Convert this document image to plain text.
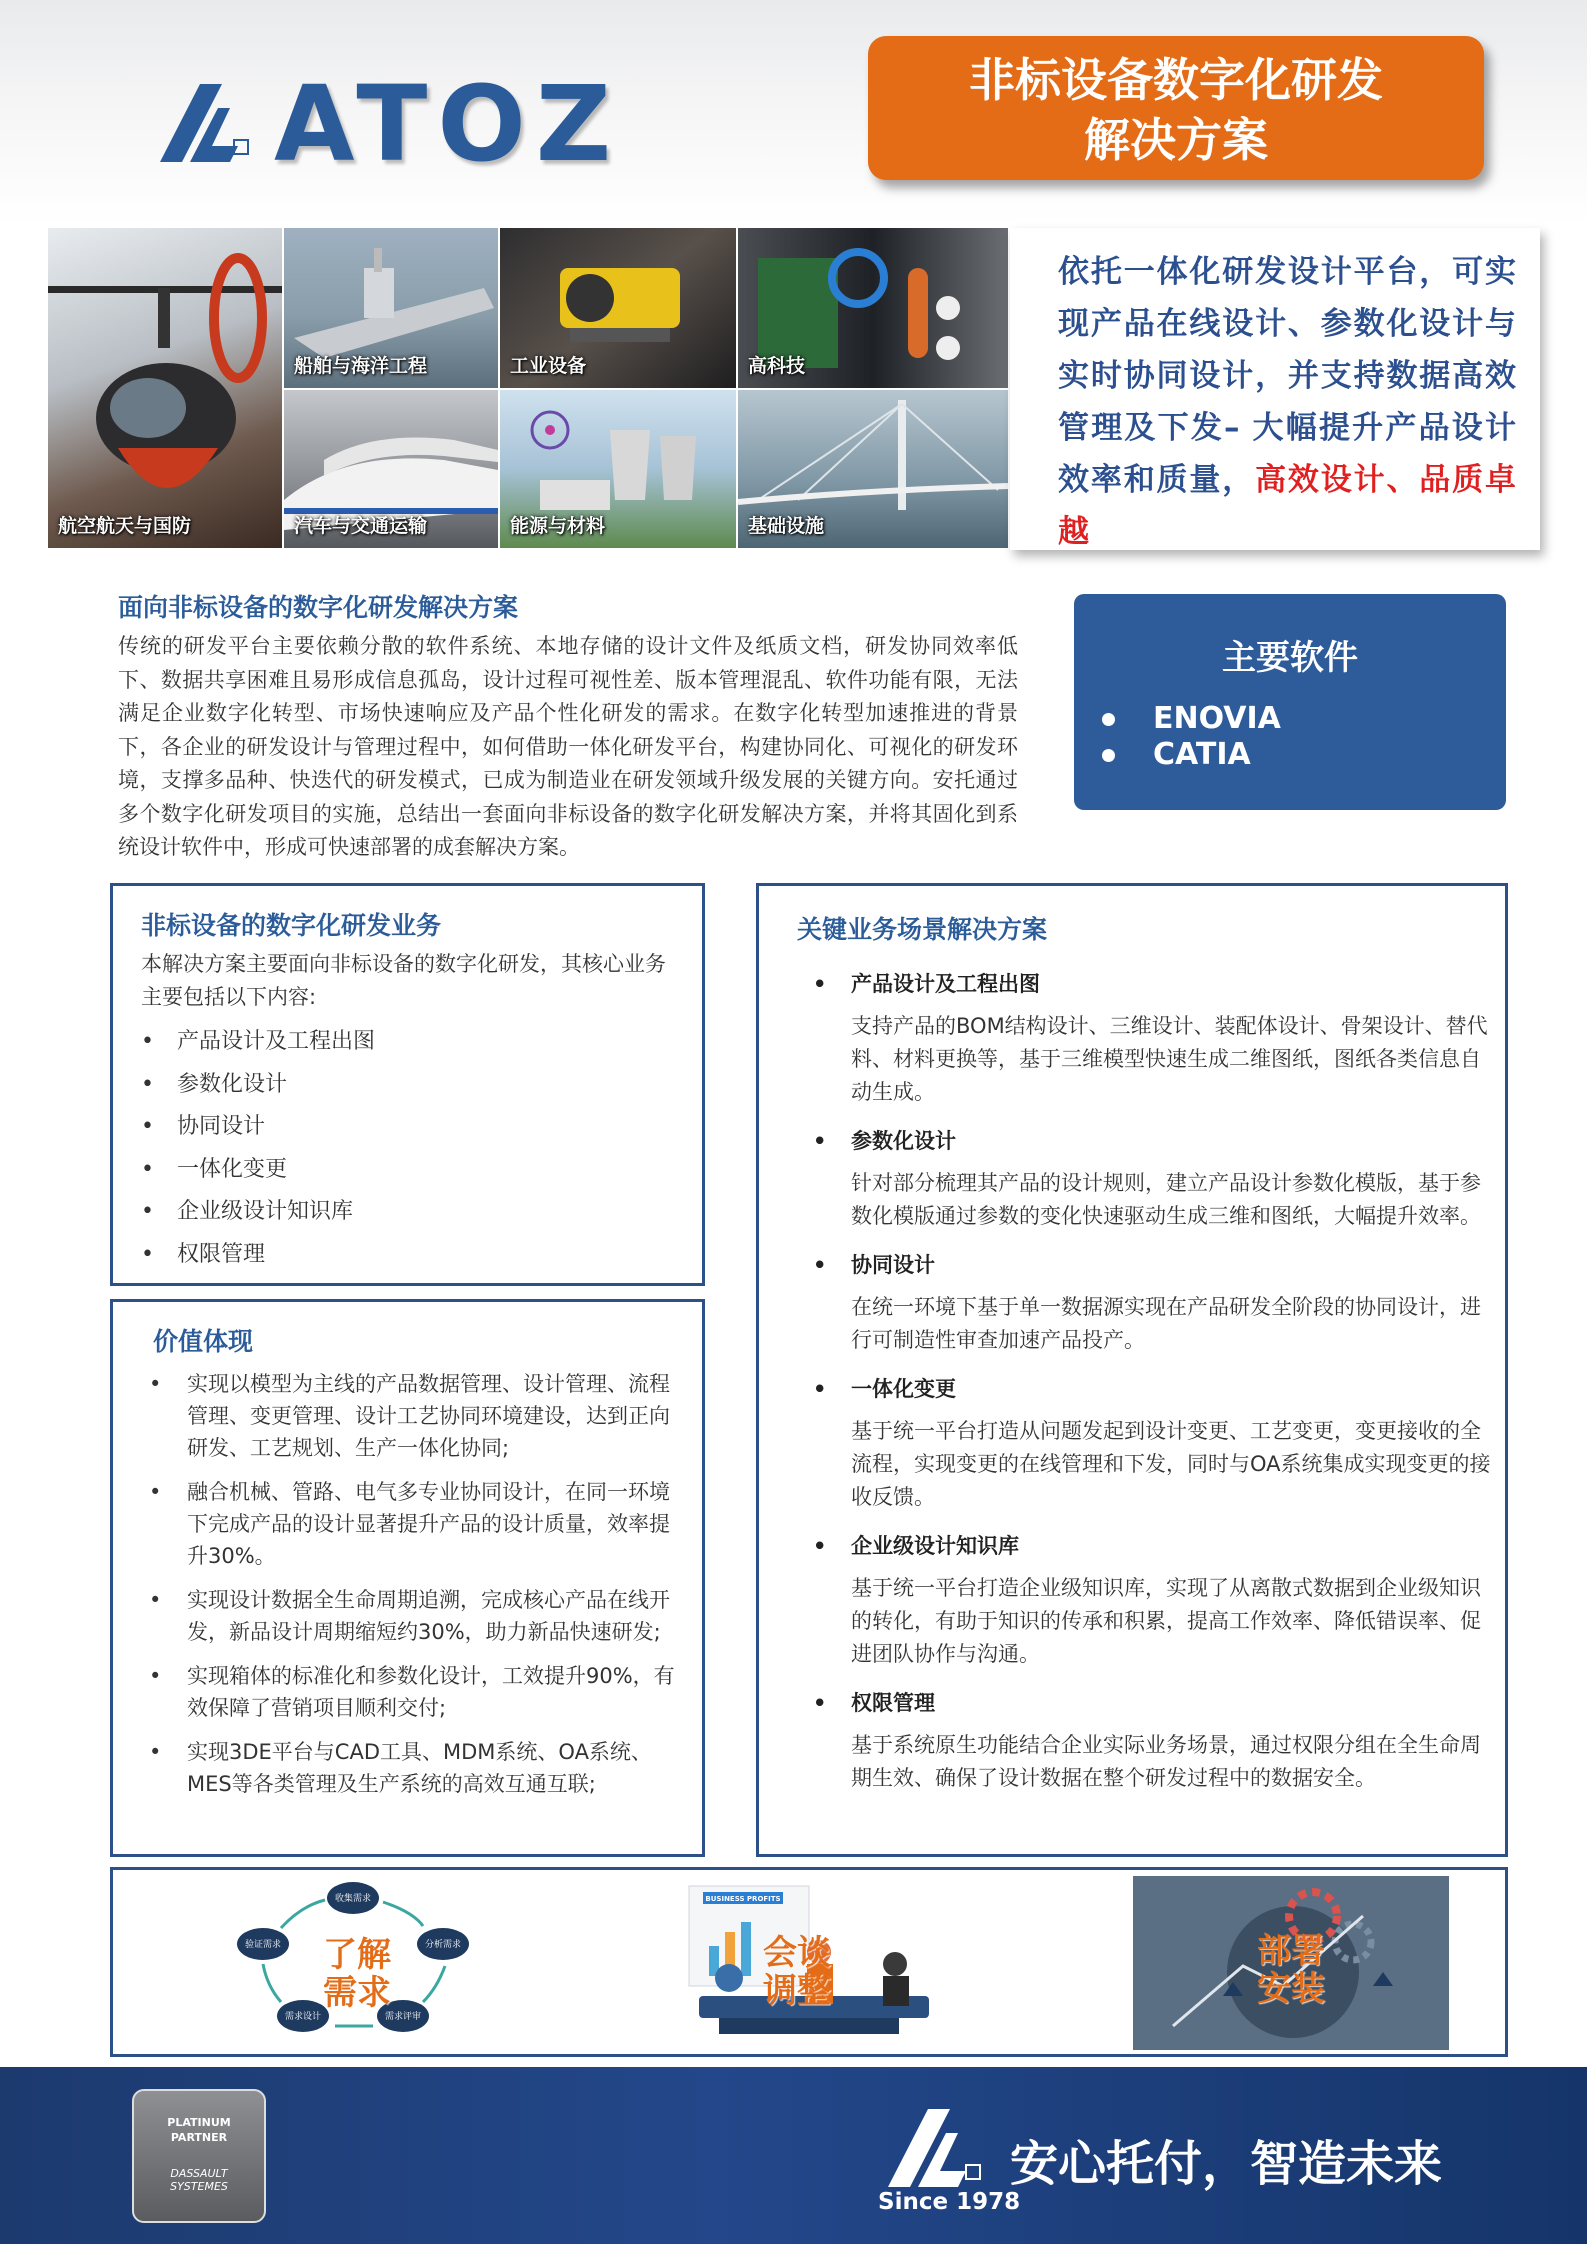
ATOZ	非标设备数字化研发
解决方案
航空航天与国防
船舶与海洋工程	工业设备	高科技
汽车与交通运输	能源与材料	基础设施
依托一体化研发设计平台，可实现产品在线设计、参数化设计与实时协同设计，并支持数据高效管理及下发– 大幅提升产品设计效率和质量，高效设计、品质卓越
面向非标设备的数字化研发解决方案
传统的研发平台主要依赖分散的软件系统、本地存储的设计文件及纸质文档，研发协同效率低下、数据共享困难且易形成信息孤岛，设计过程可视性差、版本管理混乱、软件功能有限，无法满足企业数字化转型、市场快速响应及产品个性化研发的需求。在数字化转型加速推进的背景下，各企业的研发设计与管理过程中，如何借助一体化研发平台，构建协同化、可视化的研发环境，支撑多品种、快迭代的研发模式，已成为制造业在研发领域升级发展的关键方向。安托通过多个数字化研发项目的实施，总结出一套面向非标设备的数字化研发解决方案，并将其固化到系统设计软件中，形成可快速部署的成套解决方案。
主要软件
ENOVIA
CATIA
非标设备的数字化研发业务
本解决方案主要面向非标设备的数字化研发，其核心业务主要包括以下内容:
•	产品设计及工程出图
•	参数化设计
•	协同设计
•	一体化变更
•	企业级设计知识库
•	权限管理
价值体现
•	实现以模型为主线的产品数据管理、设计管理、流程管理、变更管理、设计工艺协同环境建设，达到正向研发、工艺规划、生产一体化协同;
•	融合机械、管路、电气多专业协同设计，在同一环境下完成产品的设计显著提升产品的设计质量，效率提升30%。
•	实现设计数据全生命周期追溯，完成核心产品在线开发，新品设计周期缩短约30%，助力新品快速研发;
•	实现箱体的标准化和参数化设计，工效提升90%，有效保障了营销项目顺利交付;
•	实现3DE平台与CAD工具、MDM系统、OA系统、MES等各类管理及生产系统的高效互通互联;
关键业务场景解决方案
•	产品设计及工程出图
支持产品的BOM结构设计、三维设计、装配体设计、骨架设计、替代料、材料更换等，基于三维模型快速生成二维图纸，图纸各类信息自动生成。
•	参数化设计
针对部分梳理其产品的设计规则，建立产品设计参数化模版，基于参数化模版通过参数的变化快速驱动生成三维和图纸，大幅提升效率。
•	协同设计
在统一环境下基于单一数据源实现在产品研发全阶段的协同设计，进行可制造性审查加速产品投产。
•	一体化变更
基于统一平台打造从问题发起到设计变更、工艺变更，变更接收的全流程，实现变更的在线管理和下发，同时与OA系统集成实现变更的接收反馈。
•	企业级设计知识库
基于统一平台打造企业级知识库，实现了从离散式数据到企业级知识的转化，有助于知识的传承和积累，提高工作效率、降低错误率、促进团队协作与沟通。
•	权限管理
基于系统原生功能结合企业实际业务场景，通过权限分组在全生命周期生效、确保了设计数据在整个研发过程中的数据安全。
收集需求
分析需求
需求评审
需求设计
验证需求	了解
需求
BUSINESS PROFITS
会谈
调整
部署
安装
PLATINUM
PARTNER
DASSAULT
SYSTEMES	安心托付，智造未来
Since 1978
